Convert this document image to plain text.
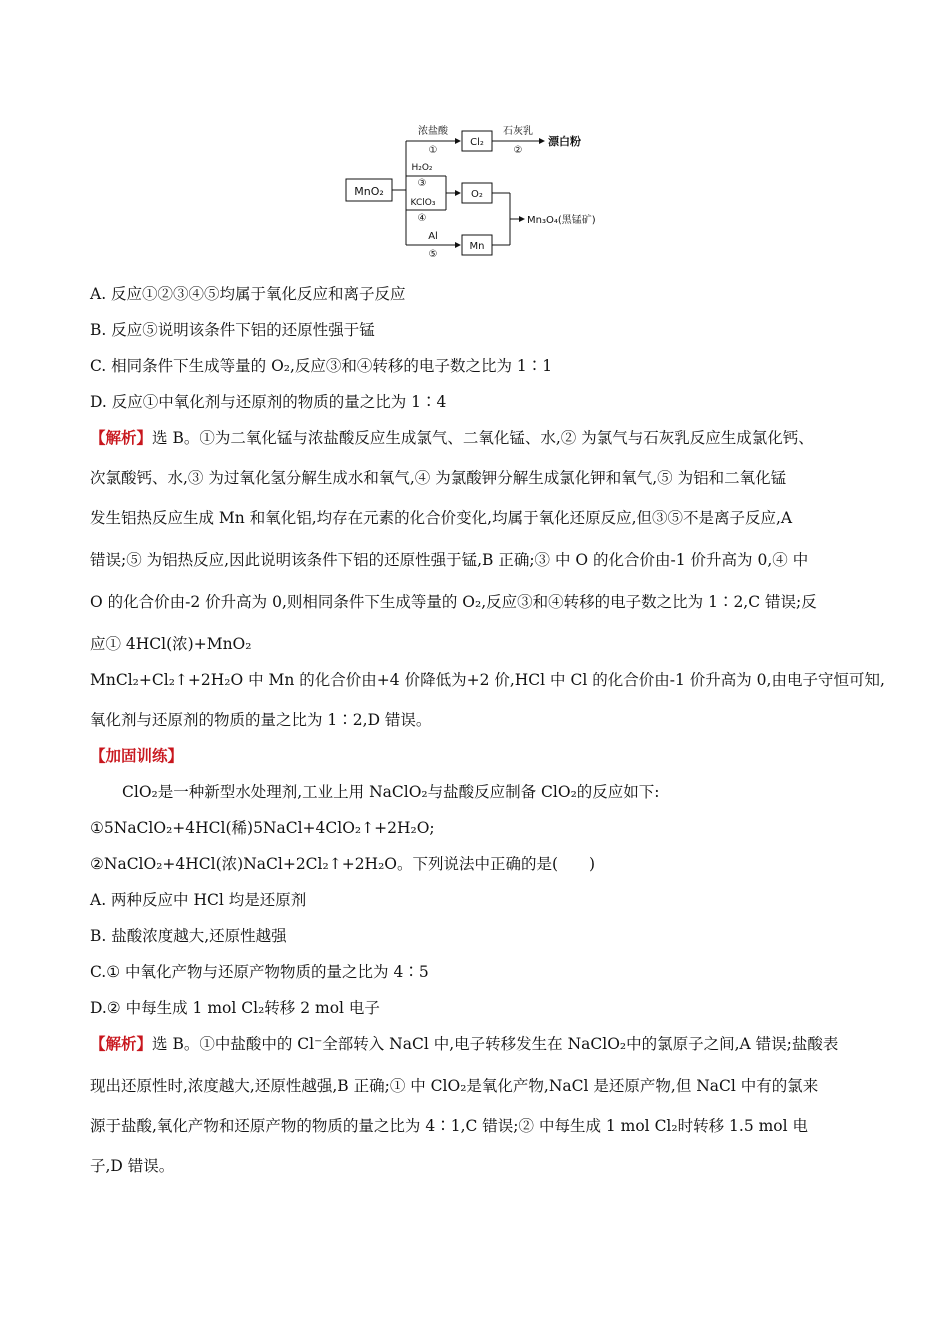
MnO₂
浓盐酸
①
Cl₂
石灰乳
②
漂白粉
H₂O₂
③
KClO₃
④
O₂
Al
⑤
Mn
Mn₃O₄(黑锰矿)
A. 反应①②③④⑤均属于氧化反应和离子反应
B. 反应⑤说明该条件下铝的还原性强于锰
C. 相同条件下生成等量的 O₂,反应③和④转移的电子数之比为 1∶1
D. 反应①中氧化剂与还原剂的物质的量之比为 1∶4
【解析】选 B。①为二氧化锰与浓盐酸反应生成氯气、二氧化锰、水,② 为氯气与石灰乳反应生成氯化钙、
次氯酸钙、水,③ 为过氧化氢分解生成水和氧气,④ 为氯酸钾分解生成氯化钾和氧气,⑤ 为铝和二氧化锰
发生铝热反应生成 Mn 和氧化铝,均存在元素的化合价变化,均属于氧化还原反应,但③⑤不是离子反应,A
错误;⑤ 为铝热反应,因此说明该条件下铝的还原性强于锰,B 正确;③ 中 O 的化合价由-1 价升高为 0,④ 中
O 的化合价由-2 价升高为 0,则相同条件下生成等量的 O₂,反应③和④转移的电子数之比为 1∶2,C 错误;反
应① 4HCl(浓)+MnO₂
MnCl₂+Cl₂↑+2H₂O 中 Mn 的化合价由+4 价降低为+2 价,HCl 中 Cl 的化合价由-1 价升高为 0,由电子守恒可知,
氧化剂与还原剂的物质的量之比为 1∶2,D 错误。
【加固训练】
ClO₂是一种新型水处理剂,工业上用 NaClO₂与盐酸反应制备 ClO₂的反应如下:
①5NaClO₂+4HCl(稀)5NaCl+4ClO₂↑+2H₂O;
②NaClO₂+4HCl(浓)NaCl+2Cl₂↑+2H₂O。下列说法中正确的是(　　)
A. 两种反应中 HCl 均是还原剂
B. 盐酸浓度越大,还原性越强
C.① 中氧化产物与还原产物物质的量之比为 4∶5
D.② 中每生成 1 mol Cl₂转移 2 mol 电子
【解析】选 B。①中盐酸中的 Cl⁻全部转入 NaCl 中,电子转移发生在 NaClO₂中的氯原子之间,A 错误;盐酸表
现出还原性时,浓度越大,还原性越强,B 正确;① 中 ClO₂是氧化产物,NaCl 是还原产物,但 NaCl 中有的氯来
源于盐酸,氧化产物和还原产物的物质的量之比为 4∶1,C 错误;② 中每生成 1 mol Cl₂时转移 1.5 mol 电
子,D 错误。
